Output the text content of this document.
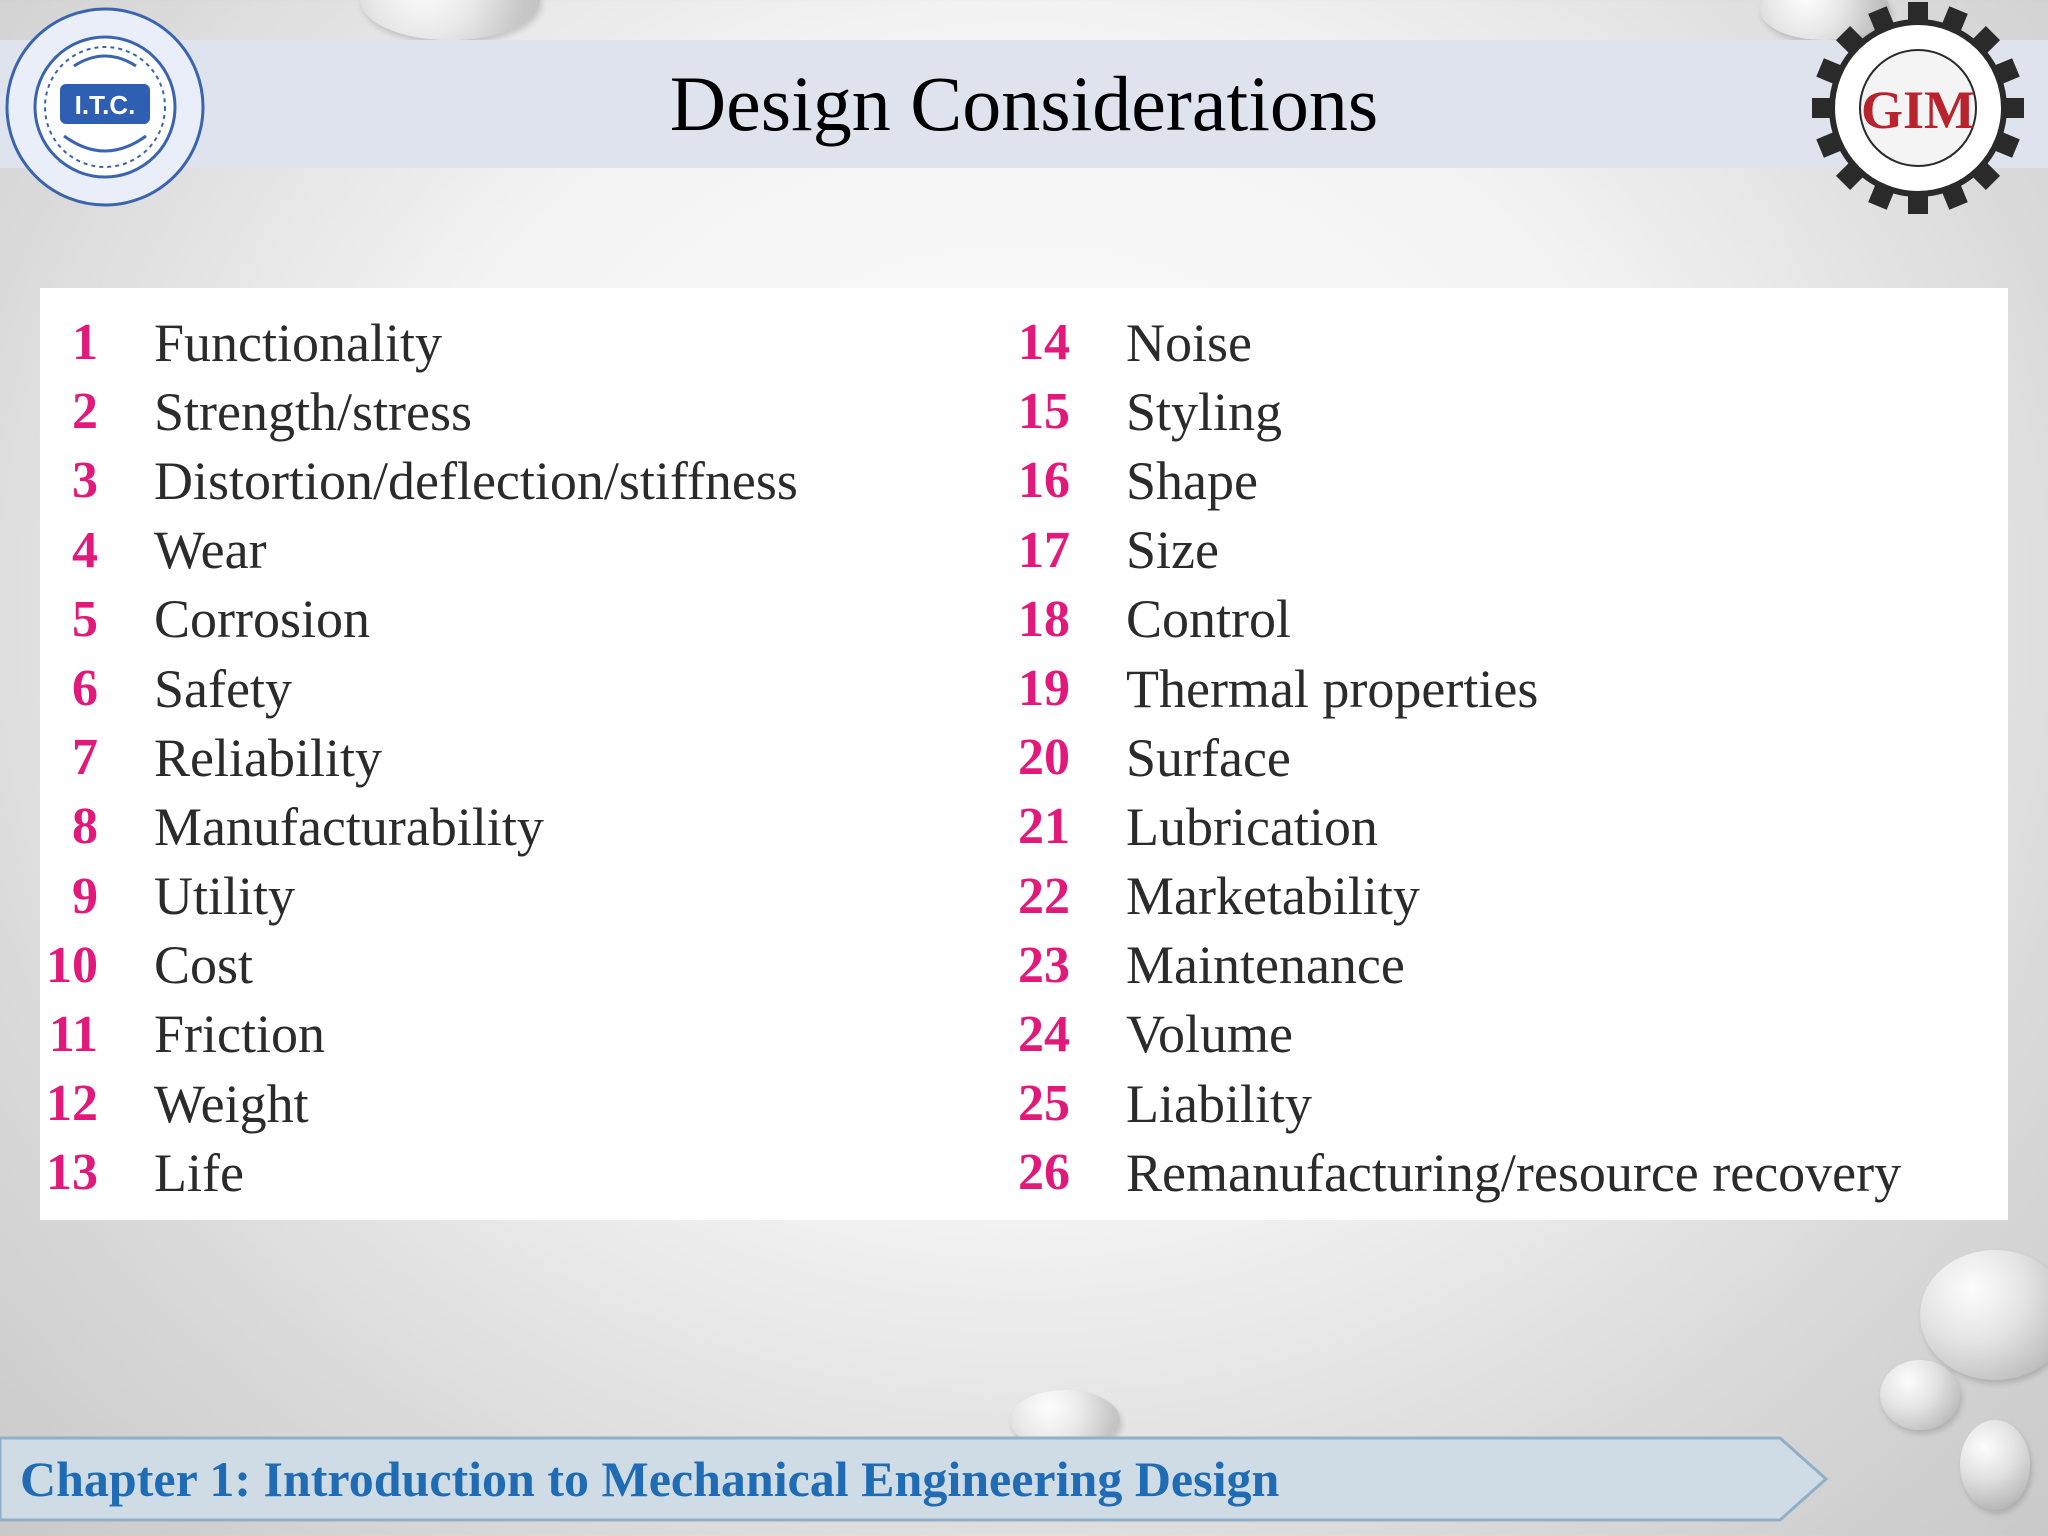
Design Considerations
I.T.C.	GIM
1 Functionality
2 Strength/stress
3 Distortion/deflection/stiffness
4 Wear
5 Corrosion
6 Safety
7 Reliability
8 Manufacturability
9 Utility
10 Cost
11 Friction
12 Weight
13 Life
14 Noise
15 Styling
16 Shape
17 Size
18 Control
19 Thermal properties
20 Surface
21 Lubrication
22 Marketability
23 Maintenance
24 Volume
25 Liability
26 Remanufacturing/resource recovery
Chapter 1: Introduction to Mechanical Engineering Design
